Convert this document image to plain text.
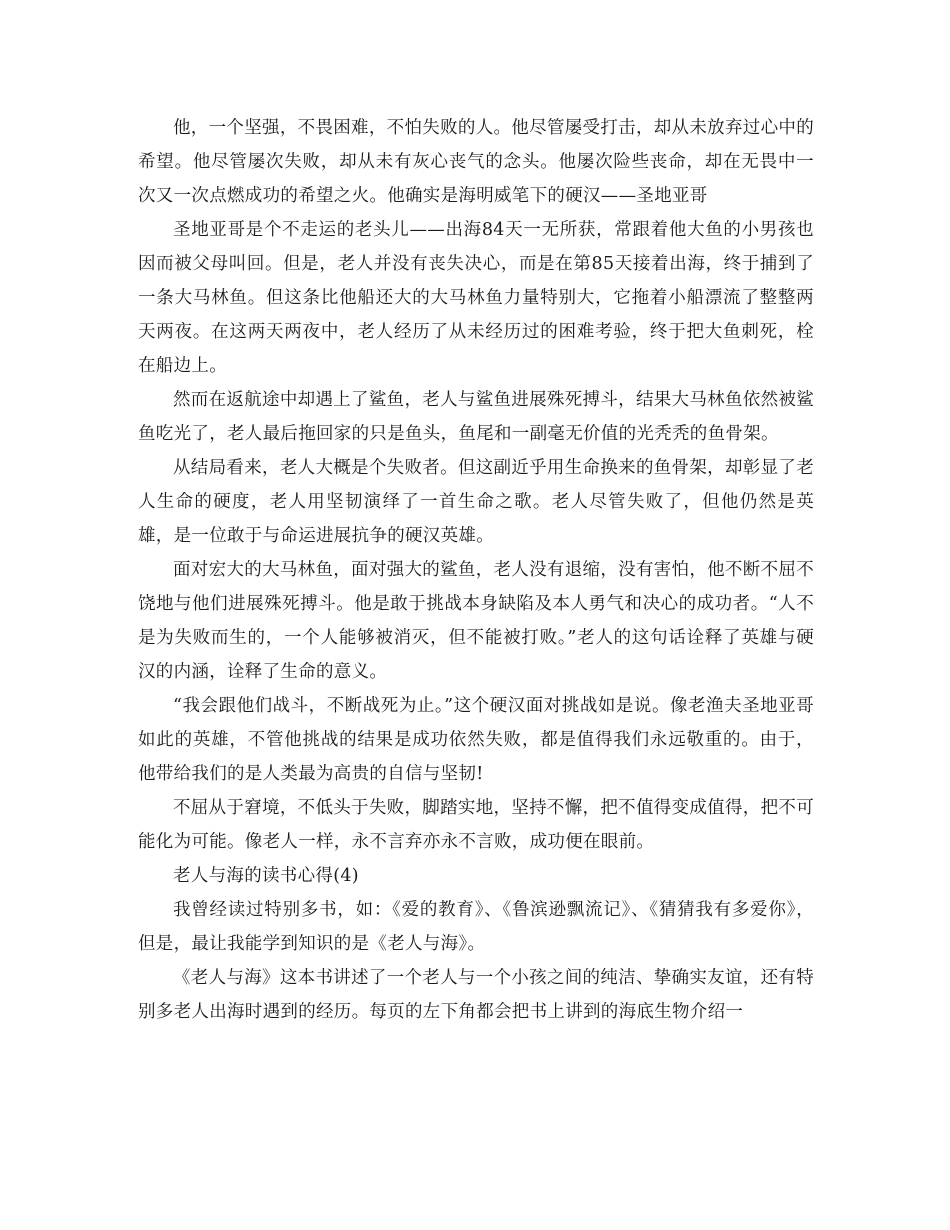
他，一个坚强，不畏困难，不怕失败的人。他尽管屡受打击，却从未放弃过心中的希望。他尽管屡次失败，却从未有灰心丧气的念头。他屡次险些丧命，却在无畏中一次又一次点燃成功的希望之火。他确实是海明威笔下的硬汉——圣地亚哥

圣地亚哥是个不走运的老头儿——出海84天一无所获，常跟着他大鱼的小男孩也因而被父母叫回。但是，老人并没有丧失决心，而是在第85天接着出海，终于捕到了一条大马林鱼。但这条比他船还大的大马林鱼力量特别大，它拖着小船漂流了整整两天两夜。在这两天两夜中，老人经历了从未经历过的困难考验，终于把大鱼刺死，栓在船边上。

然而在返航途中却遇上了鲨鱼，老人与鲨鱼进展殊死搏斗，结果大马林鱼依然被鲨鱼吃光了，老人最后拖回家的只是鱼头，鱼尾和一副毫无价值的光秃秃的鱼骨架。

从结局看来，老人大概是个失败者。但这副近乎用生命换来的鱼骨架，却彰显了老人生命的硬度，老人用坚韧演绎了一首生命之歌。老人尽管失败了，但他仍然是英雄，是一位敢于与命运进展抗争的硬汉英雄。

面对宏大的大马林鱼，面对强大的鲨鱼，老人没有退缩，没有害怕，他不断不屈不饶地与他们进展殊死搏斗。他是敢于挑战本身缺陷及本人勇气和决心的成功者。“人不是为失败而生的，一个人能够被消灭，但不能被打败。”老人的这句话诠释了英雄与硬汉的内涵，诠释了生命的意义。

“我会跟他们战斗，不断战死为止。”这个硬汉面对挑战如是说。像老渔夫圣地亚哥如此的英雄，不管他挑战的结果是成功依然失败，都是值得我们永远敬重的。由于，他带给我们的是人类最为高贵的自信与坚韧!

不屈从于窘境，不低头于失败，脚踏实地，坚持不懈，把不值得变成值得，把不可能化为可能。像老人一样，永不言弃亦永不言败，成功便在眼前。

老人与海的读书心得(4)

我曾经读过特别多书，如：《爱的教育》、《鲁滨逊飘流记》、《猜猜我有多爱你》，但是，最让我能学到知识的是《老人与海》。

《老人与海》这本书讲述了一个老人与一个小孩之间的纯洁、挚确实友谊，还有特别多老人出海时遇到的经历。每页的左下角都会把书上讲到的海底生物介绍一
